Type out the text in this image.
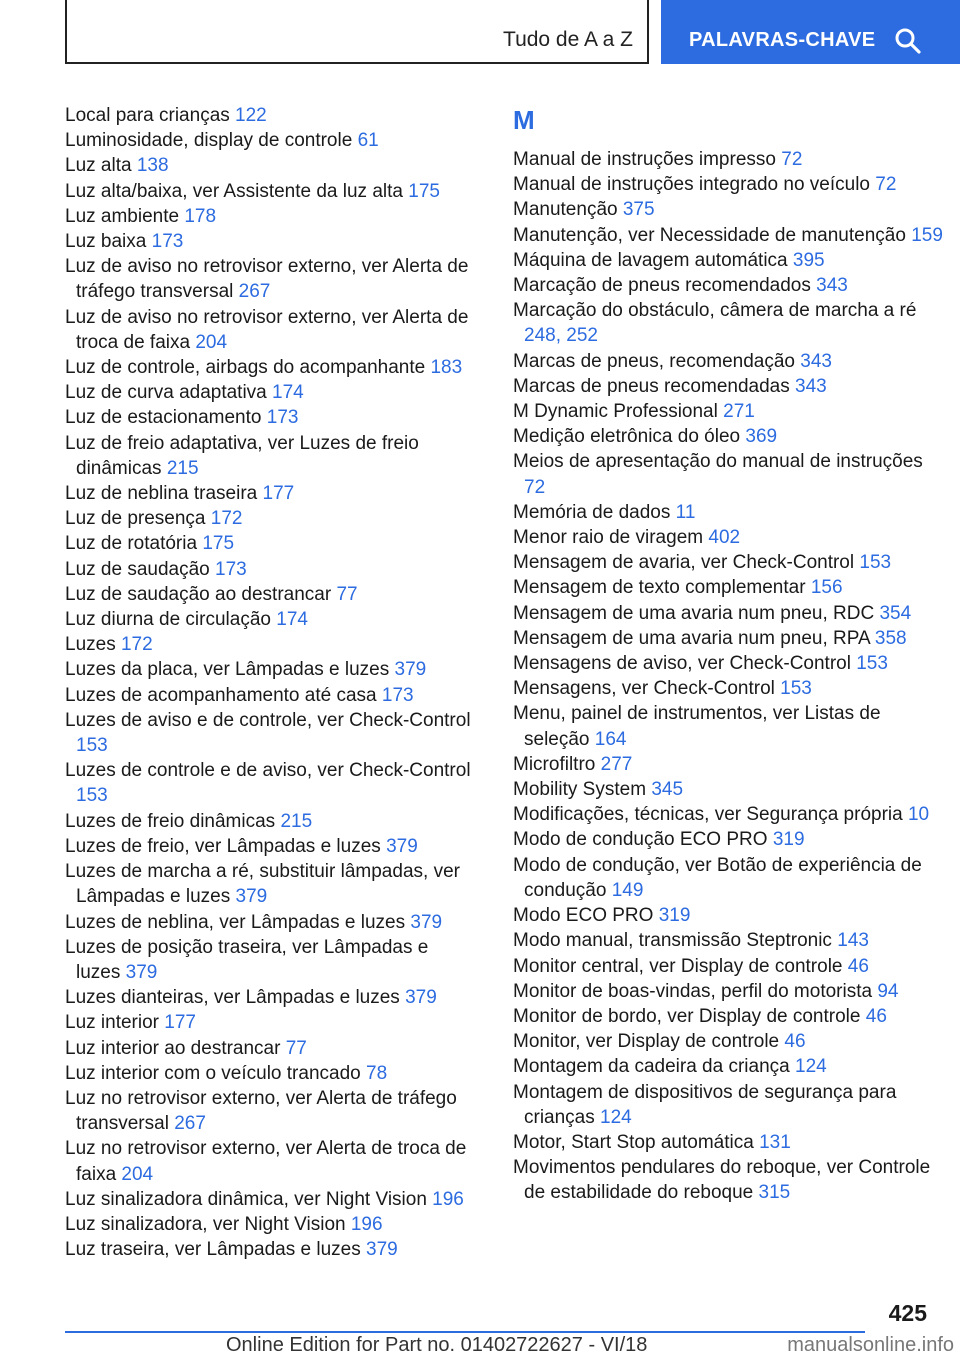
Tudo de A a Z	PALAVRAS-CHAVE
Local para crianças 122
Luminosidade, display de controle 61
Luz alta 138
Luz alta/baixa, ver Assistente da luz alta 175
Luz ambiente 178
Luz baixa 173
Luz de aviso no retrovisor externo, ver Alerta de tráfego transversal 267
Luz de aviso no retrovisor externo, ver Alerta de troca de faixa 204
Luz de controle, airbags do acompanhante 183
Luz de curva adaptativa 174
Luz de estacionamento 173
Luz de freio adaptativa, ver Luzes de freio dinâmicas 215
Luz de neblina traseira 177
Luz de presença 172
Luz de rotatória 175
Luz de saudação 173
Luz de saudação ao destrancar 77
Luz diurna de circulação 174
Luzes 172
Luzes da placa, ver Lâmpadas e luzes 379
Luzes de acompanhamento até casa 173
Luzes de aviso e de controle, ver Check-Control 153
Luzes de controle e de aviso, ver Check-Control 153
Luzes de freio dinâmicas 215
Luzes de freio, ver Lâmpadas e luzes 379
Luzes de marcha a ré, substituir lâmpadas, ver Lâmpadas e luzes 379
Luzes de neblina, ver Lâmpadas e luzes 379
Luzes de posição traseira, ver Lâmpadas e luzes 379
Luzes dianteiras, ver Lâmpadas e luzes 379
Luz interior 177
Luz interior ao destrancar 77
Luz interior com o veículo trancado 78
Luz no retrovisor externo, ver Alerta de tráfego transversal 267
Luz no retrovisor externo, ver Alerta de troca de faixa 204
Luz sinalizadora dinâmica, ver Night Vision 196
Luz sinalizadora, ver Night Vision 196
Luz traseira, ver Lâmpadas e luzes 379
M
Manual de instruções impresso 72
Manual de instruções integrado no veículo 72
Manutenção 375
Manutenção, ver Necessidade de manutenção 159
Máquina de lavagem automática 395
Marcação de pneus recomendados 343
Marcação do obstáculo, câmera de marcha a ré 248, 252
Marcas de pneus, recomendação 343
Marcas de pneus recomendadas 343
M Dynamic Professional 271
Medição eletrônica do óleo 369
Meios de apresentação do manual de instruções 72
Memória de dados 11
Menor raio de viragem 402
Mensagem de avaria, ver Check-Control 153
Mensagem de texto complementar 156
Mensagem de uma avaria num pneu, RDC 354
Mensagem de uma avaria num pneu, RPA 358
Mensagens de aviso, ver Check-Control 153
Mensagens, ver Check-Control 153
Menu, painel de instrumentos, ver Listas de seleção 164
Microfiltro 277
Mobility System 345
Modificações, técnicas, ver Segurança própria 10
Modo de condução ECO PRO 319
Modo de condução, ver Botão de experiência de condução 149
Modo ECO PRO 319
Modo manual, transmissão Steptronic 143
Monitor central, ver Display de controle 46
Monitor de boas-vindas, perfil do motorista 94
Monitor de bordo, ver Display de controle 46
Monitor, ver Display de controle 46
Montagem da cadeira da criança 124
Montagem de dispositivos de segurança para crianças 124
Motor, Start Stop automática 131
Movimentos pendulares do reboque, ver Controle de estabilidade do reboque 315
425
Online Edition for Part no. 01402722627 - VI/18	manualsonline.info
